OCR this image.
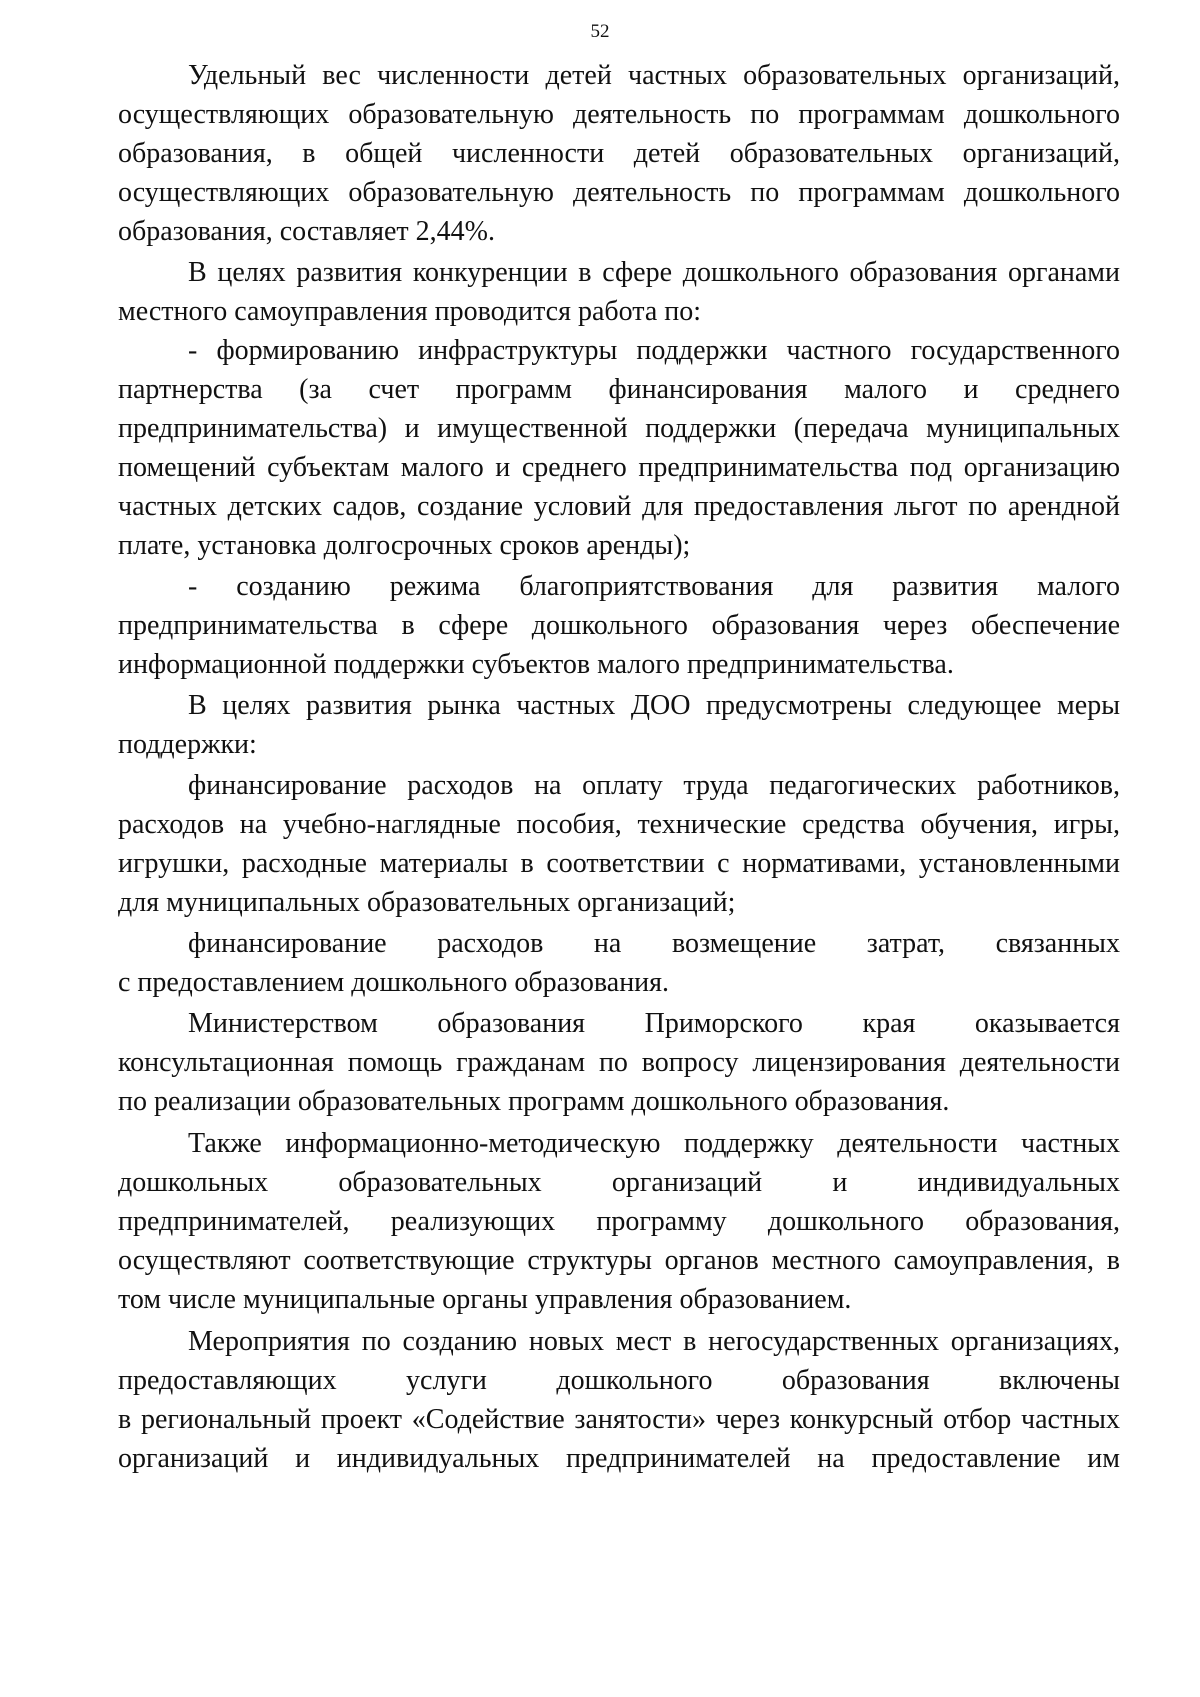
52
Удельный вес численности детей частных образовательных организаций,
осуществляющих образовательную деятельность по программам дошкольного
образования, в общей численности детей образовательных организаций,
осуществляющих образовательную деятельность по программам дошкольного
образования, составляет 2,44%.
В целях развития конкуренции в сфере дошкольного образования органами
местного самоуправления проводится работа по:
- формированию инфраструктуры поддержки частного государственного
партнерства (за счет программ финансирования малого и среднего
предпринимательства) и имущественной поддержки (передача муниципальных
помещений субъектам малого и среднего предпринимательства под организацию
частных детских садов, создание условий для предоставления льгот по арендной
плате, установка долгосрочных сроков аренды);
- созданию режима благоприятствования для развития малого
предпринимательства в сфере дошкольного образования через обеспечение
информационной поддержки субъектов малого предпринимательства.
В целях развития рынка частных ДОО предусмотрены следующее меры
поддержки:
финансирование расходов на оплату труда педагогических работников,
расходов на учебно-наглядные пособия, технические средства обучения, игры,
игрушки, расходные материалы в соответствии с нормативами, установленными
для муниципальных образовательных организаций;
финансирование расходов на возмещение затрат, связанных
с предоставлением дошкольного образования.
Министерством образования Приморского края оказывается
консультационная помощь гражданам по вопросу лицензирования деятельности
по реализации образовательных программ дошкольного образования.
Также информационно-методическую поддержку деятельности частных
дошкольных образовательных организаций и индивидуальных
предпринимателей, реализующих программу дошкольного образования,
осуществляют соответствующие структуры органов местного самоуправления, в
том числе муниципальные органы управления образованием.
Мероприятия по созданию новых мест в негосударственных организациях,
предоставляющих услуги дошкольного образования включены
в региональный проект «Содействие занятости» через конкурсный отбор частных
организаций и индивидуальных предпринимателей на предоставление им
